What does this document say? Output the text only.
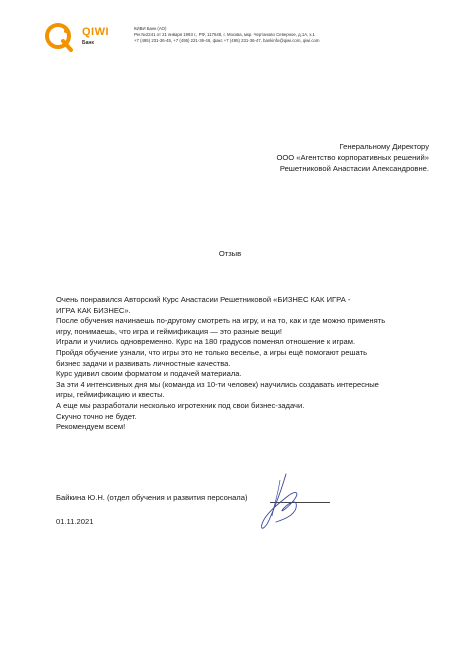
QIWI
Банк
КИВИ Банк (АО)
Рег.№2241 от 21 января 1993 г., РФ, 117648, г. Москва, мкр. Чертаново Северное, д.1А, к.1
+7 (495) 231-36-45, +7 (495) 231-36-46, факс +7 (495) 231-36-47, bankinfo@qiwi.com, qiwi.com
Генеральному Директору
ООО «Агентство корпоративных решений»
Решетниковой Анастасии Александровне.
Отзыв
Очень понравился Авторский Курс Анастасии Решетниковой «БИЗНЕС КАК ИГРА -
ИГРА КАК БИЗНЕС».
После обучения начинаешь по-другому смотреть на игру, и на то, как и где можно применять
игру, понимаешь, что игра и геймификация — это разные вещи!
Играли и учились одновременно. Курс на 180 градусов поменял отношение к играм.
Пройдя обучение узнали, что игры это не только веселье, а игры ещё помогают решать
бизнес задачи и развивать личностные качества.
Курс удивил своим форматом и подачей материала.
За эти 4 интенсивных дня мы (команда из 10-ти человек) научились создавать интересные
игры, геймификацию и квесты.
А еще мы разработали несколько игротехник под свои бизнес-задачи.
Скучно точно не будет.
Рекомендуем всем!
Байкина Ю.Н. (отдел обучения и развития персонала)
01.11.2021
